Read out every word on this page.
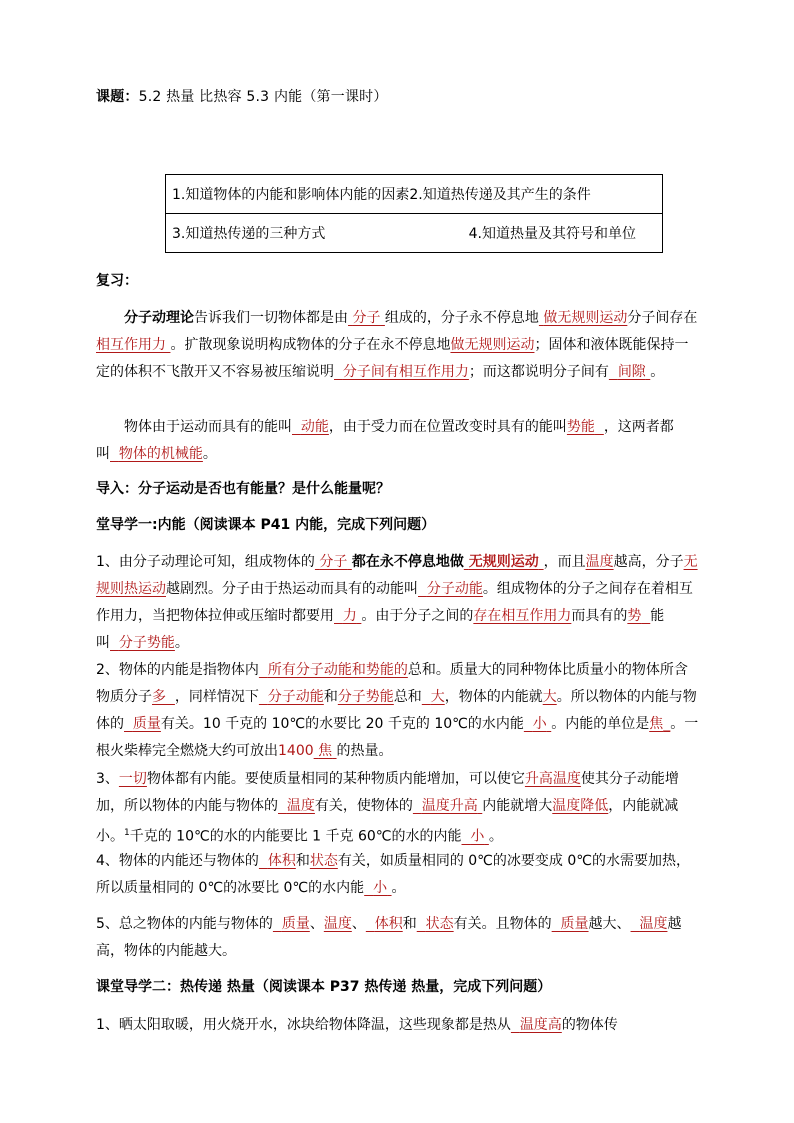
课题：5.2 热量 比热容 5.3 内能（第一课时）
1.知道物体的内能和影响体内能的因素2.知道热传递及其产生的条件

3.知道热传递的三种方式	4.知道热量及其符号和单位
复习：
分子动理论告诉我们一切物体都是由 分子 组成的，分子永不停息地 做无规则运动分子间存在相互作用力 。扩散现象说明构成物体的分子在永不停息地做无规则运动；固体和液体既能保持一定的体积不飞散开又不容易被压缩说明 分子间有相互作用力；而这都说明分子间有 间隙 。
物体由于运动而具有的能叫 动能，由于受力而在位置改变时具有的能叫势能 ，这两者都叫 物体的机械能。
导入：分子运动是否也有能量？是什么能量呢？
堂导学一:内能（阅读课本 P41 内能，完成下列问题）
1、由分子动理论可知，组成物体的 分子 都在永不停息地做 无规则运动 ，而且温度越高，分子无规则热运动越剧烈。分子由于热运动而具有的动能叫 分子动能。组成物体的分子之间存在着相互作用力，当把物体拉伸或压缩时都要用 力 。由于分子之间的存在相互作用力而具有的势 能叫 分子势能。
2、物体的内能是指物体内 所有分子动能和势能的总和。质量大的同种物体比质量小的物体所含物质分子多 ，同样情况下 分子动能和分子势能总和 大，物体的内能就大。所以物体的内能与物体的 质量有关。10 千克的 10℃的水要比 20 千克的 10℃的水内能 小 。内能的单位是焦_。一根火柴棒完全燃烧大约可放出1400 焦 的热量。
3、一切物体都有内能。要使质量相同的某种物质内能增加，可以使它升高温度使其分子动能增加，所以物体的内能与物体的 温度有关，使物体的 温度升高 内能就增大温度降低，内能就减小。$^1$千克的 10℃的水的内能要比 1 千克 60℃的水的内能 小 。
4、物体的内能还与物体的 体积和状态有关，如质量相同的 0℃的冰要变成 0℃的水需要加热，所以质量相同的 0℃的冰要比 0℃的水内能 小 。
5、总之物体的内能与物体的 质量、温度、 体积和 状态有关。且物体的 质量越大、 温度越高，物体的内能越大。
课堂导学二：热传递 热量（阅读课本 P37 热传递 热量，完成下列问题）
1、晒太阳取暖，用火烧开水，冰块给物体降温，这些现象都是热从 温度高的物体传
